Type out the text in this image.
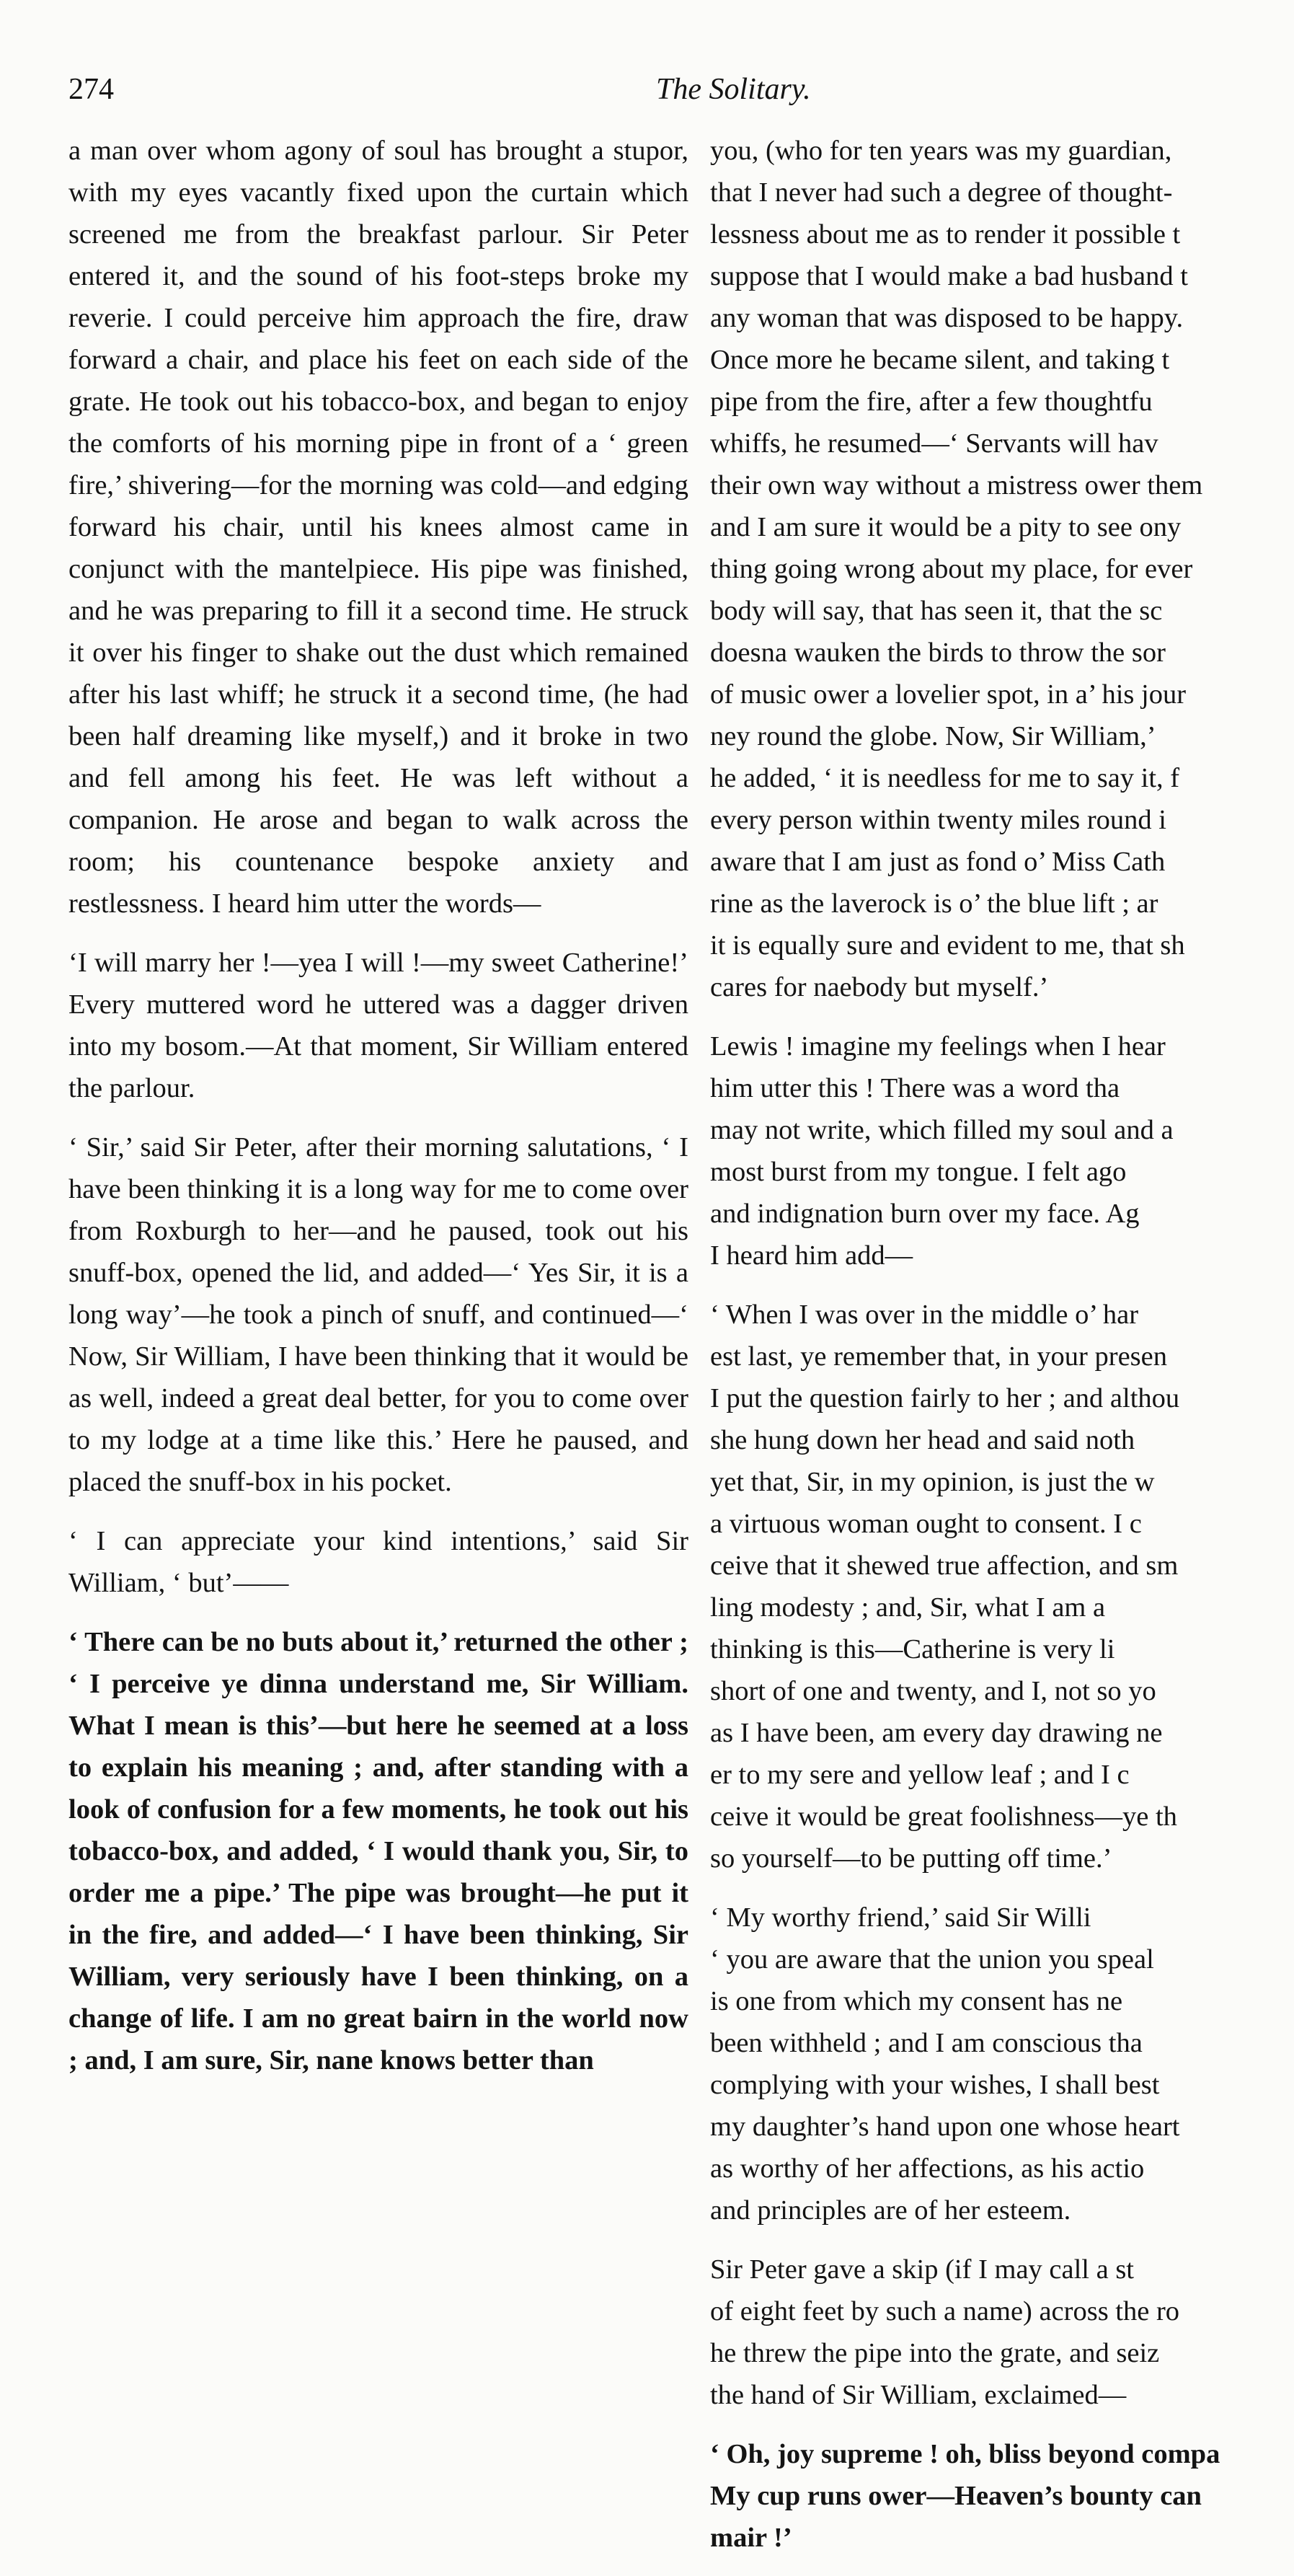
274	The Solitary.

a man over whom agony of soul has brought a stupor, with my eyes vacantly fixed upon the curtain which screened me from the breakfast parlour. Sir Peter entered it, and the sound of his foot-steps broke my reverie. I could perceive him approach the fire, draw forward a chair, and place his feet on each side of the grate. He took out his tobacco-box, and began to enjoy the comforts of his morning pipe in front of a ‘ green fire,’ shivering—for the morning was cold—and edging forward his chair, until his knees almost came in conjunct with the mantelpiece. His pipe was finished, and he was preparing to fill it a second time. He struck it over his finger to shake out the dust which remained after his last whiff; he struck it a second time, (he had been half dreaming like myself,) and it broke in two and fell among his feet. He was left without a companion. He arose and began to walk across the room; his countenance bespoke anxiety and restlessness. I heard him utter the words—

‘I will marry her !—yea I will !—my sweet Catherine!’ Every muttered word he uttered was a dagger driven into my bosom.—At that moment, Sir William entered the parlour.

‘ Sir,’ said Sir Peter, after their morning salutations, ‘ I have been thinking it is a long way for me to come over from Roxburgh to her—and he paused, took out his snuff-box, opened the lid, and added—‘ Yes Sir, it is a long way’—he took a pinch of snuff, and continued—‘ Now, Sir William, I have been thinking that it would be as well, indeed a great deal better, for you to come over to my lodge at a time like this.’ Here he paused, and placed the snuff-box in his pocket.

‘ I can appreciate your kind intentions,’ said Sir William, ‘ but’——

‘ There can be no buts about it,’ returned the other ; ‘ I perceive ye dinna understand me, Sir William. What I mean is this’—but here he seemed at a loss to explain his meaning ; and, after standing with a look of confusion for a few moments, he took out his tobacco-box, and added, ‘ I would thank you, Sir, to order me a pipe.’ The pipe was brought—he put it in the fire, and added—‘ I have been thinking, Sir William, very seriously have I been thinking, on a change of life. I am no great bairn in the world now ; and, I am sure, Sir, nane knows better than

you, (who for ten years was my guardian,
that I never had such a degree of thought-
lessness about me as to render it possible t
suppose that I would make a bad husband t
any woman that was disposed to be happy.
Once more he became silent, and taking t
pipe from the fire, after a few thoughtfu
whiffs, he resumed—‘ Servants will hav
their own way without a mistress ower them
and I am sure it would be a pity to see ony
thing going wrong about my place, for ever
body will say, that has seen it, that the sc
doesna wauken the birds to throw the sor
of music ower a lovelier spot, in a’ his jour
ney round the globe. Now, Sir William,’
he added, ‘ it is needless for me to say it, f
every person within twenty miles round i
aware that I am just as fond o’ Miss Cath
rine as the laverock is o’ the blue lift ; ar
it is equally sure and evident to me, that sh
cares for naebody but myself.’

Lewis ! imagine my feelings when I hear
him utter this ! There was a word tha
may not write, which filled my soul and a
most burst from my tongue. I felt ago
and indignation burn over my face. Ag
I heard him add—

‘ When I was over in the middle o’ har
est last, ye remember that, in your presen
I put the question fairly to her ; and althou
she hung down her head and said noth
yet that, Sir, in my opinion, is just the w
a virtuous woman ought to consent. I c
ceive that it shewed true affection, and sm
ling modesty ; and, Sir, what I am a
thinking is this—Catherine is very li
short of one and twenty, and I, not so yo
as I have been, am every day drawing ne
er to my sere and yellow leaf ; and I c
ceive it would be great foolishness—ye th
so yourself—to be putting off time.’

‘ My worthy friend,’ said Sir Willi
‘ you are aware that the union you speal
is one from which my consent has ne
been withheld ; and I am conscious tha
complying with your wishes, I shall best
my daughter’s hand upon one whose heart
as worthy of her affections, as his actio
and principles are of her esteem.

Sir Peter gave a skip (if I may call a st
of eight feet by such a name) across the ro
he threw the pipe into the grate, and seiz
the hand of Sir William, exclaimed—

‘ Oh, joy supreme ! oh, bliss beyond compa
My cup runs ower—Heaven’s bounty can
mair !’
